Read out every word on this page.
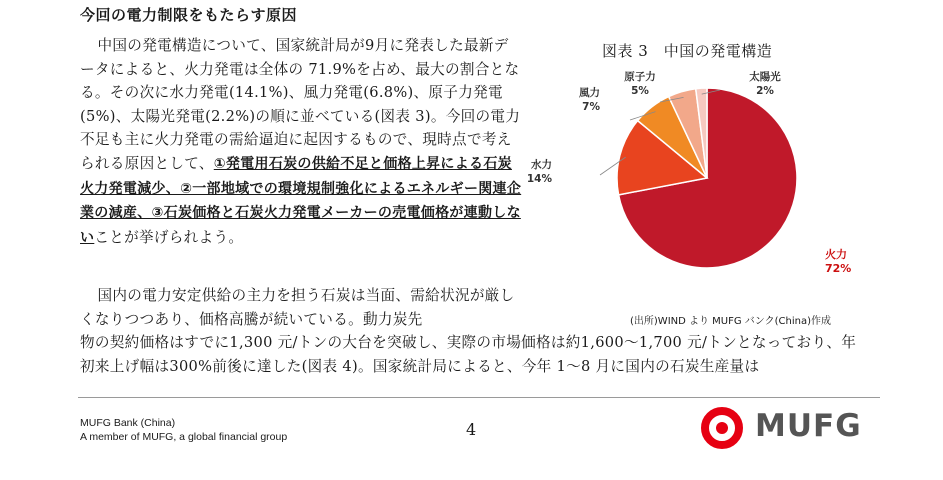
今回の電力制限をもたらす原因

中国の発電構造について、国家統計局が9月に発表した最新データによると、火力発電は全体の 71.9%を占め、最大の割合となる。その次に水力発電(14.1%)、風力発電(6.8%)、原子力発電(5%)、太陽光発電(2.2%)の順に並べている(図表 3)。今回の電力不足も主に火力発電の需給逼迫に起因するもので、現時点で考えられる原因として、①発電用石炭の供給不足と価格上昇による石炭火力発電減少、②一部地域での環境規制強化によるエネルギー関連企業の減産、③石炭価格と石炭火力発電メーカーの売電価格が連動しないことが挙げられよう。

国内の電力安定供給の主力を担う石炭は当面、需給状況が厳しくなりつつあり、価格高騰が続いている。動力炭先

物の契約価格はすでに1,300 元/トンの大台を突破し、実際の市場価格は約1,600～1,700 元/トンとなっており、年初来上げ幅は300%前後に達した(図表 4)。国家統計局によると、今年 1～8 月に国内の石炭生産量は

図表 3　中国の発電構造
火力
72%
水力
14%
風力
7%
原子力
5%
太陽光
2%
(出所)WIND より MUFG バンク(China)作成
MUFG Bank (China)
A member of MUFG, a global financial group	4	MUFG
